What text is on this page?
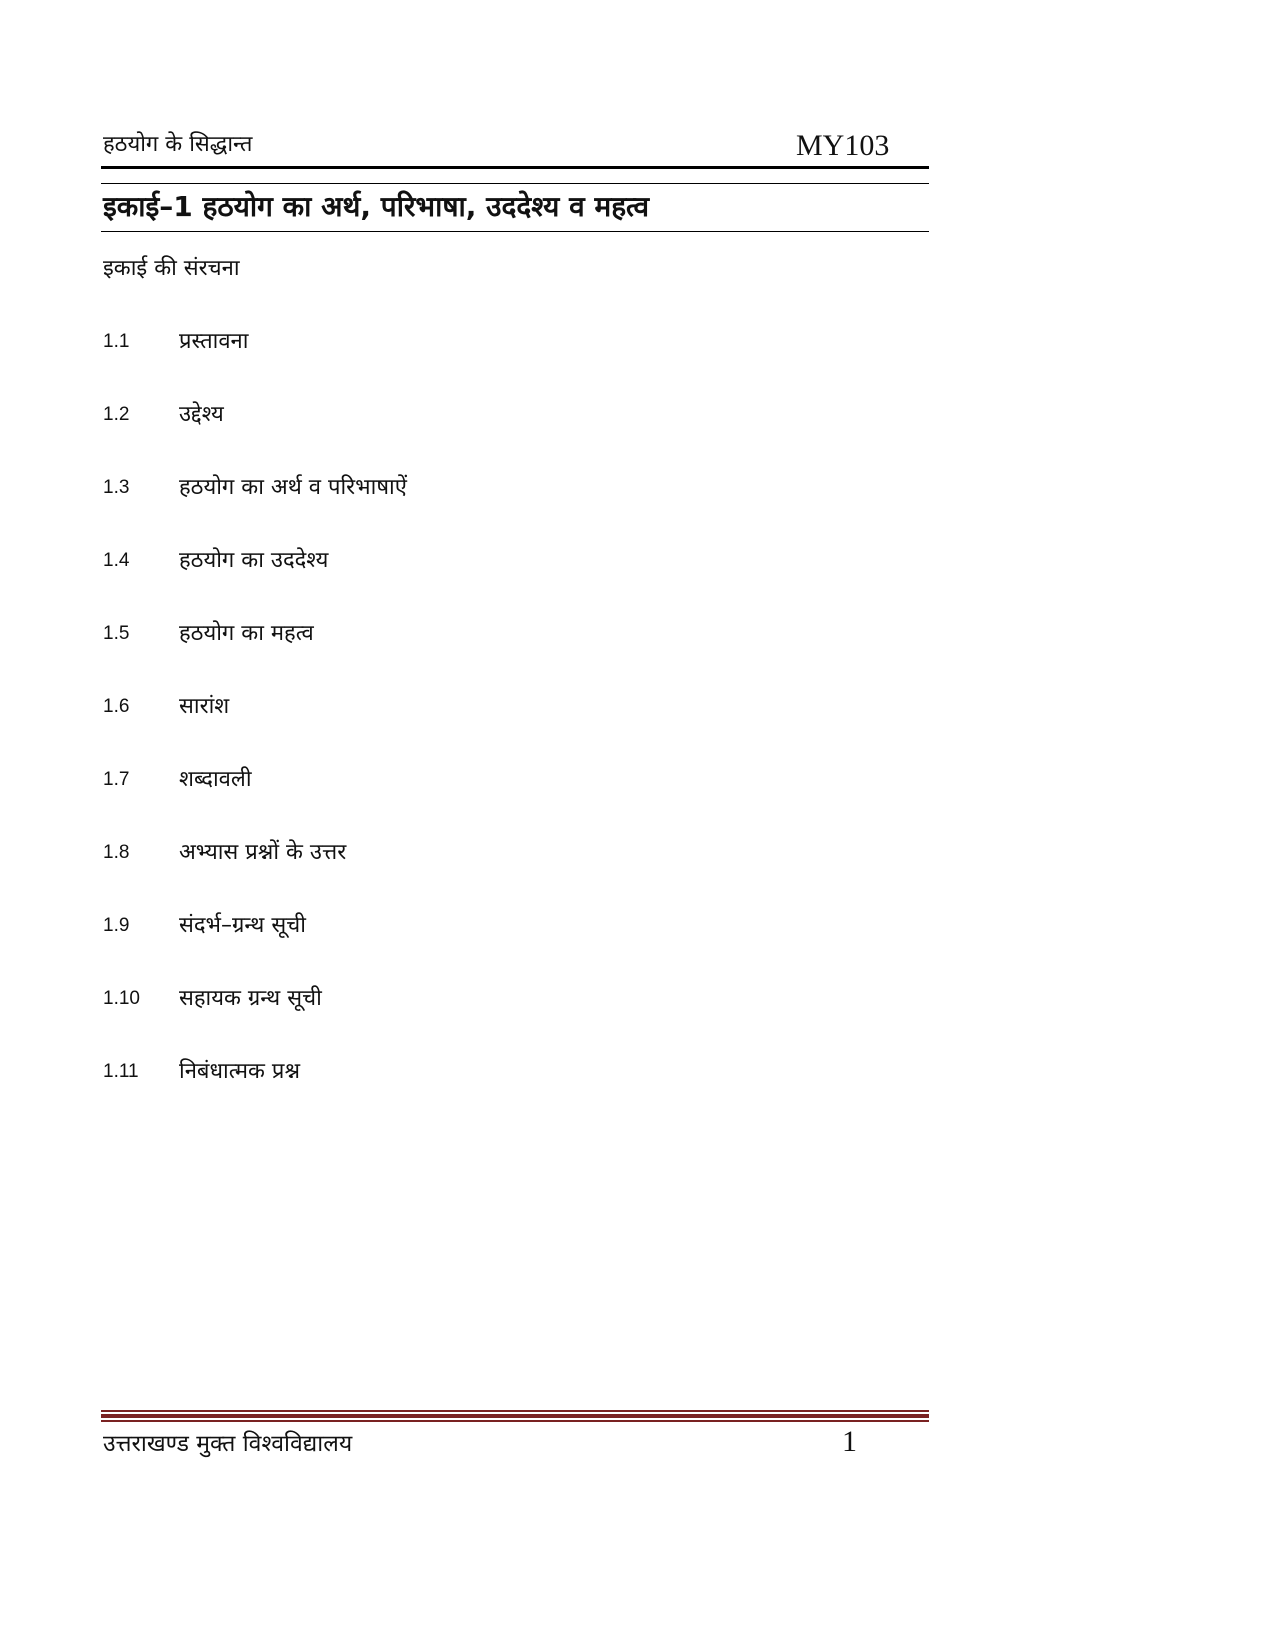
हठयोग के सिद्धान्त	MY103
इकाई–1 हठयोग का अर्थ, परिभाषा, उददेश्य व महत्व
इकाई की संरचना
1.1	प्रस्तावना
1.2	उद्देश्य
1.3	हठयोग का अर्थ व परिभाषाऐं
1.4	हठयोग का उददेश्य
1.5	हठयोग का महत्व
1.6	सारांश
1.7	शब्दावली
1.8	अभ्यास प्रश्नों के उत्तर
1.9	संदर्भ–ग्रन्थ सूची
1.10	सहायक ग्रन्थ सूची
1.11	निबंधात्मक प्रश्न
उत्तराखण्ड मुक्त विश्वविद्यालय	1
